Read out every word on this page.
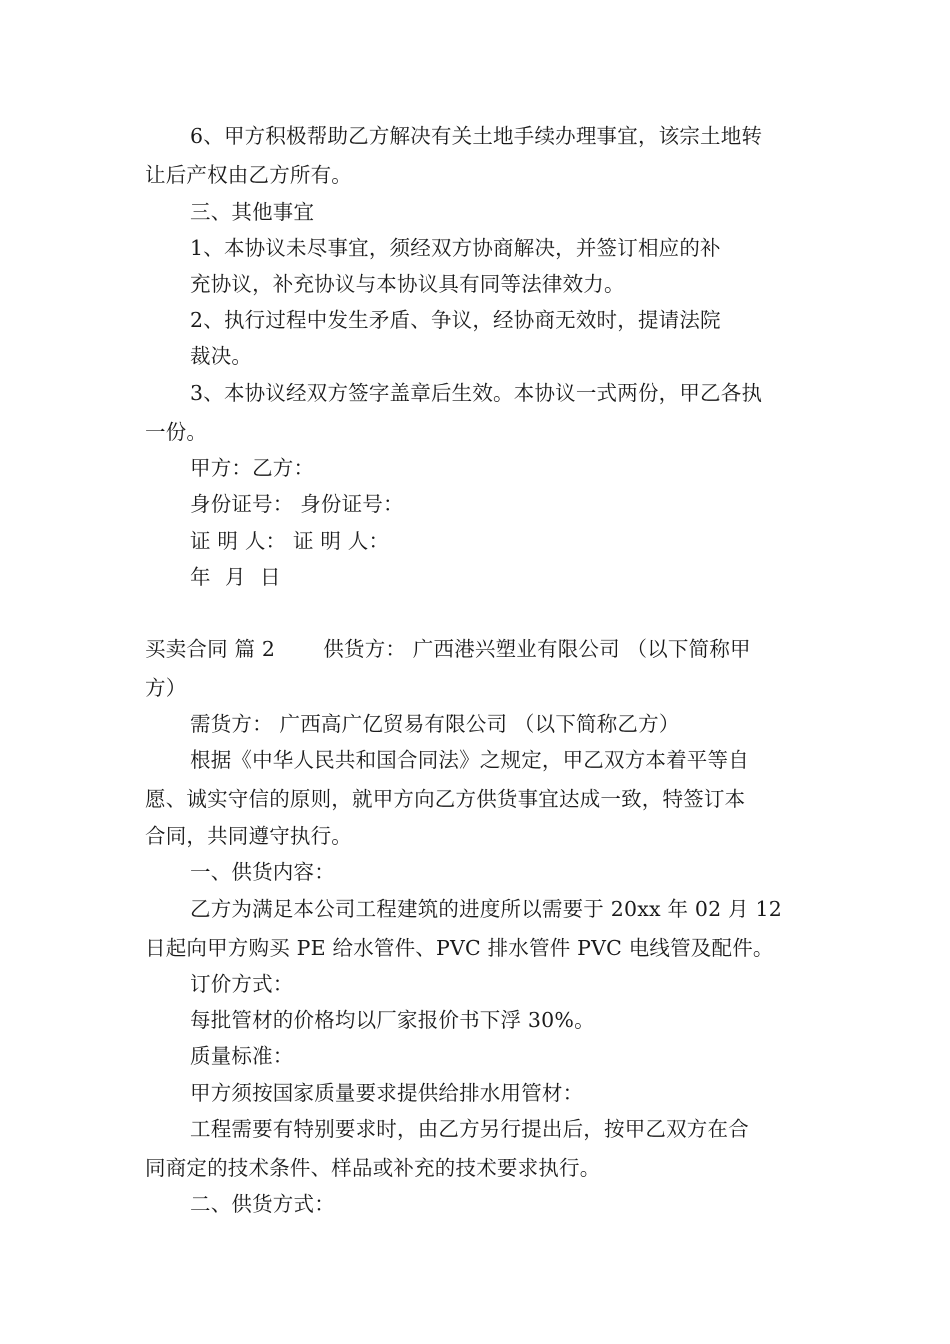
6、甲方积极帮助乙方解决有关土地手续办理事宜，该宗土地转
让后产权由乙方所有。
三、其他事宜
1、本协议未尽事宜，须经双方协商解决，并签订相应的补
充协议，补充协议与本协议具有同等法律效力。
2、执行过程中发生矛盾、争议，经协商无效时，提请法院
裁决。
3、本协议经双方签字盖章后生效。本协议一式两份，甲乙各执
一份。
甲方：乙方：
身份证号： 身份证号：
证 明 人： 证 明 人：
年 月 日
买卖合同 篇 2　　 供货方： 广西港兴塑业有限公司 （以下简称甲
方）
需货方： 广西高广亿贸易有限公司 （以下简称乙方）
根据《中华人民共和国合同法》之规定，甲乙双方本着平等自
愿、诚实守信的原则，就甲方向乙方供货事宜达成一致，特签订本
合同，共同遵守执行。
一、供货内容：
乙方为满足本公司工程建筑的进度所以需要于 20xx 年 02 月 12
日起向甲方购买 PE 给水管件、PVC 排水管件 PVC 电线管及配件。
订价方式：
每批管材的价格均以厂家报价书下浮 30%。
质量标准：
甲方须按国家质量要求提供给排水用管材：
工程需要有特别要求时，由乙方另行提出后，按甲乙双方在合
同商定的技术条件、样品或补充的技术要求执行。
二、供货方式：
